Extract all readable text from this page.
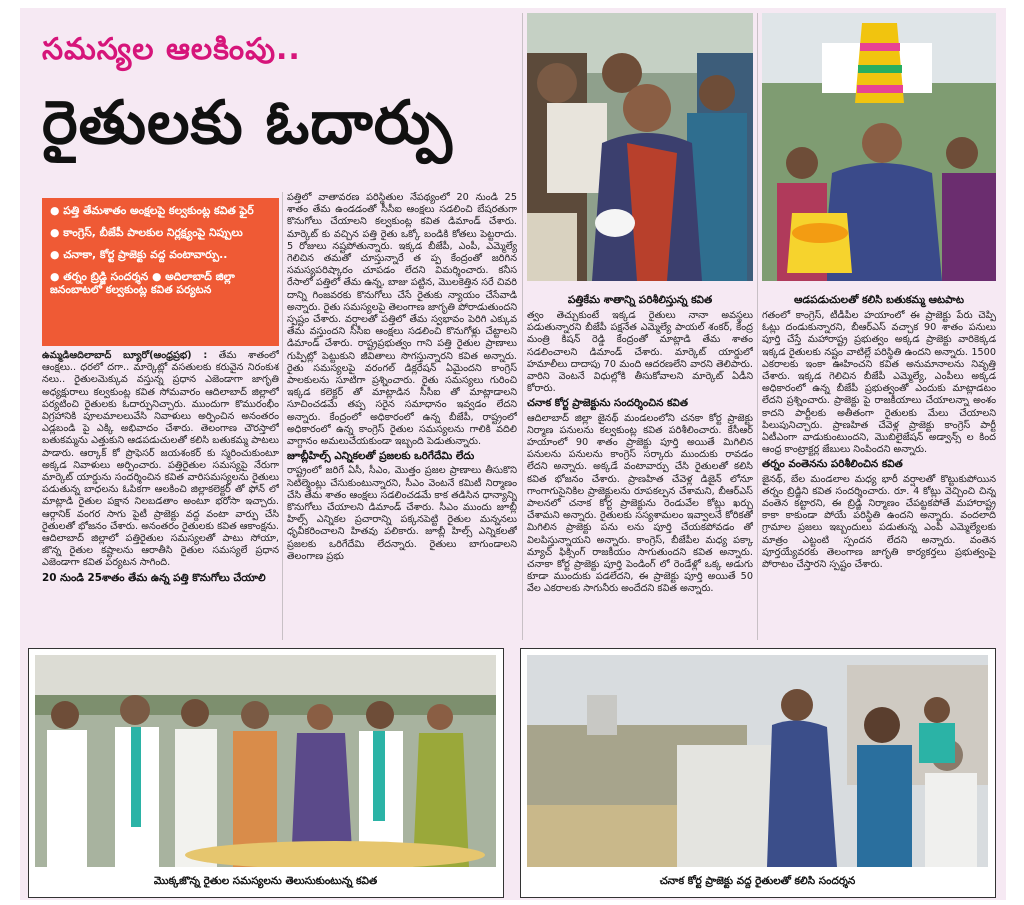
సమస్యల ఆలకింపు..
రైతులకు ఓదార్పు
పత్తికేమ శాతాన్ని పరిశీలిస్తున్న కవిత	ఆడపడుచులతో కలిసి బతుకమ్మ ఆటపాట
● పత్తి తేమశాతం అంక్షలపై కల్వకుంట్ల కవిత ఫైర్
● కాంగ్రెస్, బీజేపీ పాలకుల నిర్లక్ష్యంపై నిప్పులు
● చనాకా, కోర్ట ప్రాజెక్టు వద్ద వంటావార్పు..
● తర్నం బ్రిడ్జి సందర్శన ● అదిలాబాద్ జిల్లా జనంబాటలో కల్వకుంట్ల కవిత పర్యటన

ఉమ్మడిఆదిలాబాద్ బ్యూరో(ఆంధ్రప్రభ) : తేమ శాతంలో ఆంక్షలు.. ధరలో దగా.. మార్కెట్లో వసతులకు కరువైన నిరంకుశ నలు.. రైతులమెక్కువ వస్తున్న ప్రధాన ఎజెండాగా జాగృతి అధ్యక్షురాలు కల్వకుంట్ల కవిత సోమవారం ఆదిలాబాద్ జిల్లాలో పర్యటించి రైతులకు ఓదార్పునిచ్చారు. ముందుగా కొమురంభీం విగ్రహానికి పూలమాలలువేసి నివాళులు అర్పించిన అనంతరం ఎడ్లబండి పై ఎక్కి అభివాదం చేశారు. తెలంగాణ చౌరస్తాలో బతుకమ్మను ఎత్తుకుని ఆడపడుచులతో కలిసి బతుకమ్మ పాటలు పాడారు. ఆర్కాక్ కో ప్రొఫెసర్ జయశంకర్ కు స్మరించుకుంటూ అక్కడ నివాళులు అర్పించారు. పత్తిరైతుల సమస్యపై నేరుగా మార్కెట్ యార్డును సందర్శించిన కవిత వారిసమస్యలను రైతులు పడుతున్న బాధలను ఓపికగా ఆలకించి జిల్లాకలెక్టర్ తో ఫోన్ లో మాట్లాడి రైతుల పక్షాన నిలబడతాం అంటూ భరోసా ఇచ్చారు. ఆర్గానిక్ వంగర సాగు పైటీ ప్రాజెక్టు వద్ద వంటా వార్పు చేసి రైతులతో భోజనం చేశారు. అనంతరం రైతులకు కవిత ఆకాంక్షను. ఆదిలాబాద్ జిల్లాలో పత్తిరైతుల సమస్యలతో పాటు సోయా, జొన్న రైతుల కష్టాలను ఆరాతీసి రైతుల సమస్యలే ప్రధాన ఎజెండాగా కవిత పర్యటన సాగింది.

20 నుండి 25శాతం తేమ ఉన్న పత్తి కొనుగోలు చేయాలి

పత్తిలో వాతావరణ పరిస్థితుల నేపథ్యంలో 20 నుండి 25 శాతం తేమ ఉండడంతో సీసీఐ ఆంక్షలు సడలించి బేషరతుగా కొనుగోలు చేయాలని కల్వకుంట్ల కవిత డిమాండ్ చేశారు. మార్కెట్ కు వచ్చిన పత్తి రైతు ఒక్కో బండికి కోతలు పెట్టరాదు. 5 రోజులు నష్టపోతున్నారు. ఇక్కడ బీజేపీ, ఎంపీ, ఎమ్మెల్యే గెలిచిన తమతో చూస్తున్నారే త ప్ప కేంద్రంతో జరిగిన సమస్యపరిష్కారం చూపడం లేదని విమర్శించారు. కనీస రేసాలో పత్తిలో తేమ ఉన్న, బాజు పట్టిన, మొలకెత్తిన సరే చివరి దాన్ని గింజవరకు కొనుగోలు చేసే రైతుకు న్యాయం చేసేవాడి అన్నారు. రైతు సమస్యలపై తెలంగాణ జాగృతి పోరాడుతుందని స్పష్టం చేశారు. వర్షాలతో పత్తిలో తేమ స్వభావం పెరిగి ఎక్కువ తేమ వస్తుందని సీసీఐ ఆంక్షలు సడలించి కొనుగోళ్లు చేట్టాలని డిమాండ్ చేశారు. రాష్ట్రప్రభుత్వం గాని పత్తి రైతుల ప్రాణాలు గుప్పిట్లో పెట్టుకుని జీవితాలు సొగస్తున్నారని కవిత అన్నారు. రైతు సమస్యలపై వరంగల్ డిక్లరేషన్ ఏమైందని కాంగ్రెస్ పాలకులను సూటిగా ప్రశ్నించారు. రైతు సమస్యలు గురించి ఇక్కడ కలెక్టర్ తో మాట్లాడిన సీసీఐ తో మాట్లాడాలని సూచించడమే తప్ప సరైన సమాధానం ఇవ్వడం లేదని అన్నారు. కేంద్రంలో అధికారంలో ఉన్న బీజేపీ, రాష్ట్రంలో అధికారంలో ఉన్న కాంగ్రెస్ రైతుల సమస్యలను గాలికి వదిలి వాగ్దానం అమలుచేయకుండా ఇబ్బంది పెడుతున్నారు.

జూబ్లీహిల్స్ ఎన్నికలతో ప్రజలకు ఒరిగేదేమి లేదు

రాష్ట్రంలో జరిగే ఏసీ, సీఎం, మొత్తం ప్రజల ప్రాణాలు తీసుకొని సెటిల్మెంట్లు చేసుకుంటున్నారని, సీఎం వెంటనే కమిటీ నిర్మాణం చేసి తేమ శాతం ఆంక్షలు సడలించడమే కాక తడిసిన ధాన్యాన్ని కొనుగోలు చేయాలని డిమాండ్ చేశారు. సీఎం ముందు జూబ్లీ హిల్స్ ఎన్నికల ప్రచారాన్ని పక్కనపెట్టి రైతుల మన్ననలు ధృవీకరించాలని హితవు పలికారు. జూబ్లీ హిల్స్ ఎన్నికలతో ప్రజలకు ఒరిగేదేమి లేదన్నారు. రైతులు బాగుండాలని తెలంగాణ ప్రభు

త్వం తెచ్చుకుంటే ఇక్కడ రైతులు నానా అవస్థలు పడుతున్నారని బీజేపీ పక్షనేత ఎమ్మెల్యే పాయల్ శంకర్, కేంద్ర మంత్రి కిషన్ రెడ్డి కేంద్రంతో మాట్లాడి తేమ శాతం సడలించాలని డిమాండ్ చేశారు. మార్కెట్ యార్డులో హమాలీలు దాదాపు 70 మంది ఆదరణలేని వారని తెలిపారు. వారిని వెంటనే విధుల్లోకి తీసుకోవాలని మార్కెట్ ఏడీని కోరారు.

చనాక కోర్ట ప్రాజెక్టును సందర్శించిన కవిత

ఆదిలాబాద్ జిల్లా జైనథ్ మండలంలోని చనకా కోర్ట ప్రాజెక్టు నిర్మాణ పనులను కల్వకుంట్ల కవిత పరిశీలించారు. కేసీఆర్ హయాంలో 90 శాతం ప్రాజెక్టు పూర్తి అయితే మిగిలిన పనులను పనులను కాంగ్రెస్ సర్కారు ముందుకు రావడం లేదని అన్నారు. అక్కడే వంటావార్పు చేసి రైతులతో కలిసి కవిత భోజనం చేశారు. ప్రాణహిత చేవెళ్ల డిజైన్ లోనూ గాంగాగుసైనికిల ప్రాజెక్టులను రూపకల్పన చేశామని, బీఆర్ఎస్ పాలనలో చనాక కోర్ట ప్రాజెక్టును రెండువేల కోట్లు ఖర్చు చేశామని అన్నారు. రైతులకు సస్యశామలం ఇవ్వాలనే కోరికతో మిగిలిన ప్రాజెక్టు పను లను పూర్తి చేయకపోవడం తో విలపిస్తున్నాయని అన్నారు. కాంగ్రెస్, బీజేపీల మధ్య పక్కా మ్యాచ్ ఫిక్సింగ్ రాజకీయం సాగుతుందని కవిత అన్నారు. చనాకా కోర్ట ప్రాజెక్టు పూర్తి పెండింగ్ లో రెండేళ్లో ఒక్క అడుగు కూడా ముందుకు పడలేదని, ఈ ప్రాజెక్టు పూర్తి అయితే 50 వేల ఎకరాలకు సాగునీరు అందేదని కవిత అన్నారు.

గతంలో కాంగ్రెస్, టీడీపీల హయాంలో ఈ ప్రాజెక్టు పేరు చెప్పి ఓట్లు దండుకున్నారని, బీఆర్ఎస్ వచ్చాక 90 శాతం పనులు పూర్తి చేస్తే మహారాష్ట్ర ప్రభుత్వం అక్కడ ప్రాజెక్టు వారికెక్కడ ఇక్కడ రైతులకు నష్టం వాటిల్లే పరిస్థితి ఉందని అన్నారు. 1500 ఎకరాలకు ఇంకా ఊహించని కవిత అనుమానాలను నివృత్తి చేశారు. ఇక్కడ గెలిచిన బీజేపీ ఎమ్మెల్యే, ఎంపీలు అక్కడ అధికారంలో ఉన్న బీజేపీ ప్రభుత్వంతో ఎందుకు మాట్లాడటం లేదని ప్రశ్నించారు. ప్రాజెక్టు పై రాజకీయాలు చేయాలన్నా అంశం కాదని పార్టీలకు అతీతంగా రైతులకు మేలు చేయాలని పిలుపునిచ్చారు. ప్రాణహిత చేవెళ్ల ప్రాజెక్టు కాంగ్రెస్ పార్టీ ఏటీఎంగా వాడుకుంటుందని, మొబిలైజేషన్ అడ్వాన్స్ ల కింద ఆంధ్ర కాంట్రాక్టర్ల జేబులు నింపిందని అన్నారు.

తర్నం వంతెనను పరిశీలించిన కవిత

జైనథ్, బేల మండలాల మధ్య భారీ వర్షాలతో కొట్టుకుపోయిన తర్నం బ్రిడ్జిని కవిత సందర్శించారు. రూ. 4 కోట్లు వెచ్చించి చిన్న వంతెన కట్టారని, ఈ బ్రిడ్జి నిర్మాణం చేపట్టకపోతే మహారాష్ట్ర కాకా కాకుండా పోయే పరిస్థితి ఉందని అన్నారు. వందలాది గ్రామాల ప్రజలు ఇబ్బందులు పడుతున్న ఎంపీ ఎమ్మెల్యేలకు మాత్రం ఎట్టంటి స్పందన లేదని అన్నారు. వంతెన పూర్తయ్యేవరకు తెలంగాణ జాగృతి కార్యకర్తలు ప్రభుత్వంపై పోరాటం చేస్తారని స్పష్టం చేశారు.

మొక్కజొన్న రైతుల సమస్యలను తెలుసుకుంటున్న కవిత	చనాక కోర్ట ప్రాజెక్టు వద్ద రైతులతో కలిసి సందర్శన
